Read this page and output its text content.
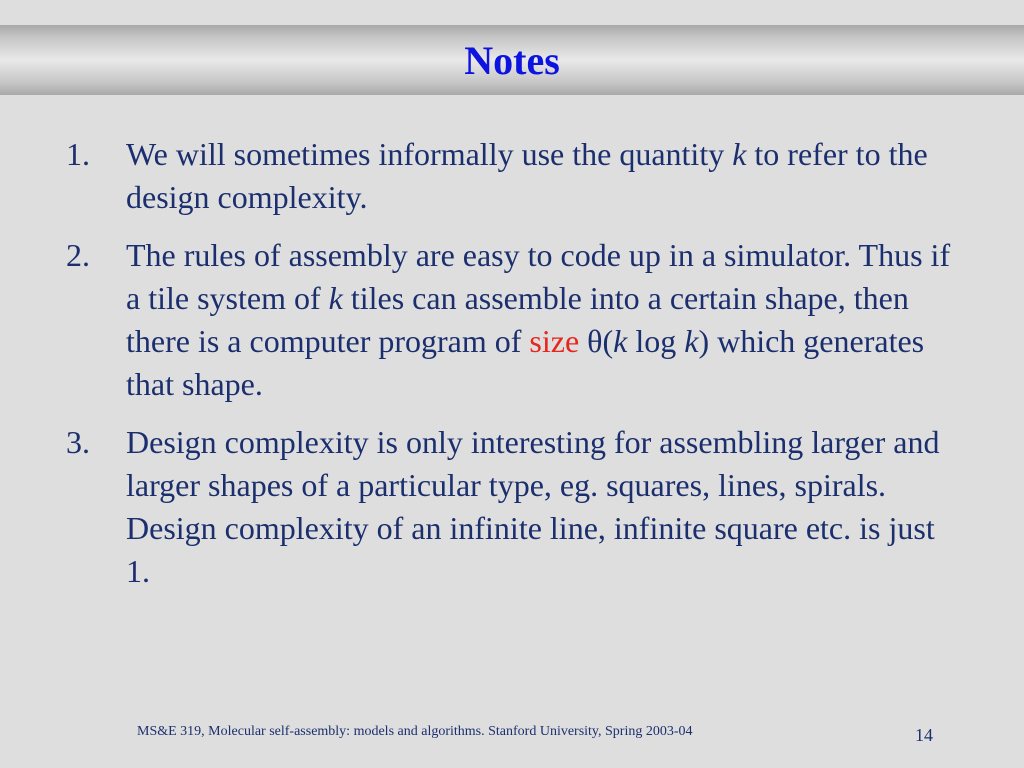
Notes
1.	We will sometimes informally use the quantity k to refer to the design complexity.
2.	The rules of assembly are easy to code up in a simulator. Thus if a tile system of k tiles can assemble into a certain shape, then there is a computer program of size θ(k log k) which generates that shape.
3.	Design complexity is only interesting for assembling larger and larger shapes of a particular type, eg. squares, lines, spirals. Design complexity of an infinite line, infinite square etc. is just 1.
MS&E 319, Molecular self-assembly: models and algorithms. Stanford University, Spring 2003-04	14
